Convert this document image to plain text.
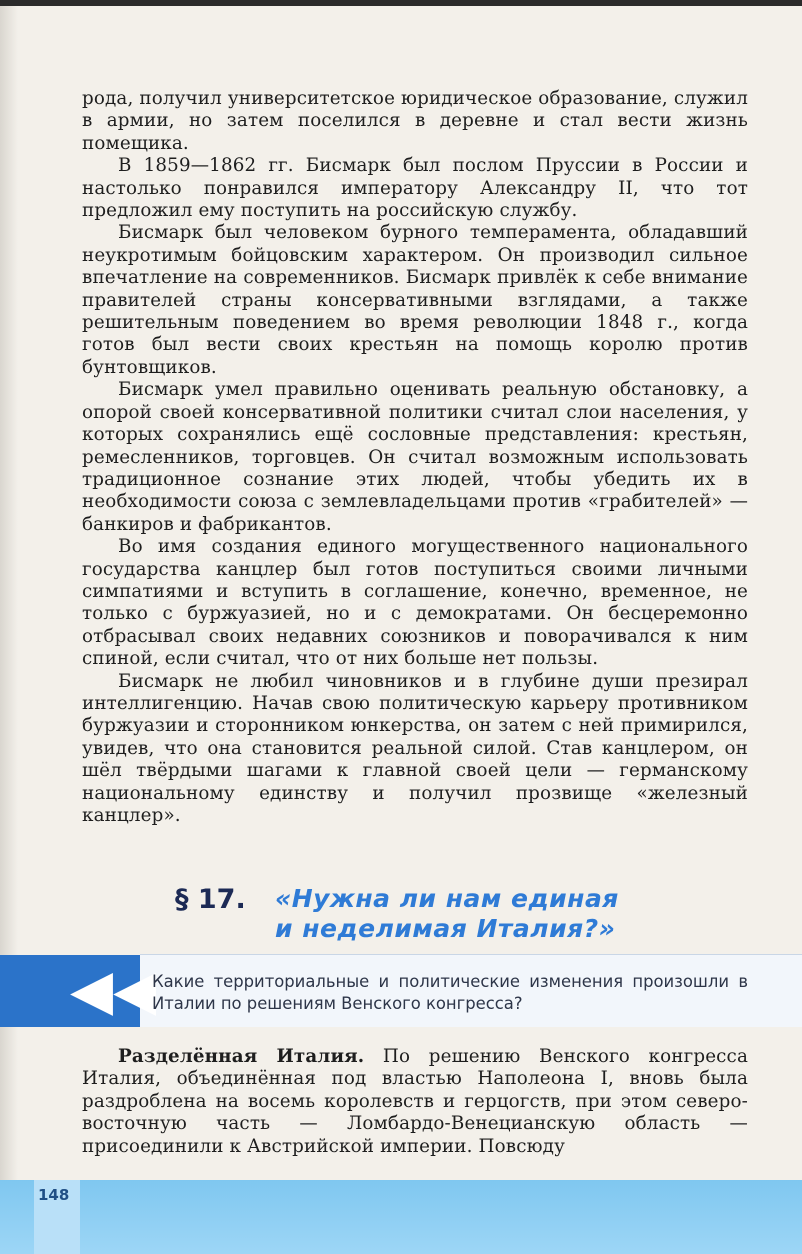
рода, получил университетское юридическое образование, служил в армии, но затем поселился в деревне и стал вести жизнь помещика.

В 1859—1862 гг. Бисмарк был послом Пруссии в России и настолько понравился императору Александру II, что тот предложил ему поступить на российскую службу.

Бисмарк был человеком бурного темперамента, обладавший неукротимым бойцовским характером. Он производил сильное впечатление на современников. Бисмарк привлёк к себе внимание правителей страны консервативными взглядами, а также решительным поведением во время революции 1848 г., когда готов был вести своих крестьян на помощь королю против бунтовщиков.

Бисмарк умел правильно оценивать реальную обстановку, а опорой своей консервативной политики считал слои населения, у которых сохранялись ещё сословные представления: крестьян, ремесленников, торговцев. Он считал возможным использовать традиционное сознание этих людей, чтобы убедить их в необходимости союза с землевладельцами против «грабителей» — банкиров и фабрикантов.

Во имя создания единого могущественного национального государства канцлер был готов поступиться своими личными симпатиями и вступить в соглашение, конечно, временное, не только с буржуазией, но и с демократами. Он бесцеремонно отбрасывал своих недавних союзников и поворачивался к ним спиной, если считал, что от них больше нет пользы.

Бисмарк не любил чиновников и в глубине души презирал интеллигенцию. Начав свою политическую карьеру противником буржуазии и сторонником юнкерства, он затем с ней примирился, увидев, что она становится реальной силой. Став канцлером, он шёл твёрдыми шагами к главной своей цели — германскому национальному единству и получил прозвище «железный канцлер».

§ 17. «Нужна ли нам единая
и неделимая Италия?»
◀◀
Какие территориальные и политические изменения произошли в Италии по решениям Венского конгресса?

Разделённая Италия. По решению Венского конгресса Италия, объединённая под властью Наполеона I, вновь была раздроблена на восемь королевств и герцогств, при этом северо-восточную часть — Ломбардо-Венецианскую область — присоединили к Австрийской империи. Повсюду

148
